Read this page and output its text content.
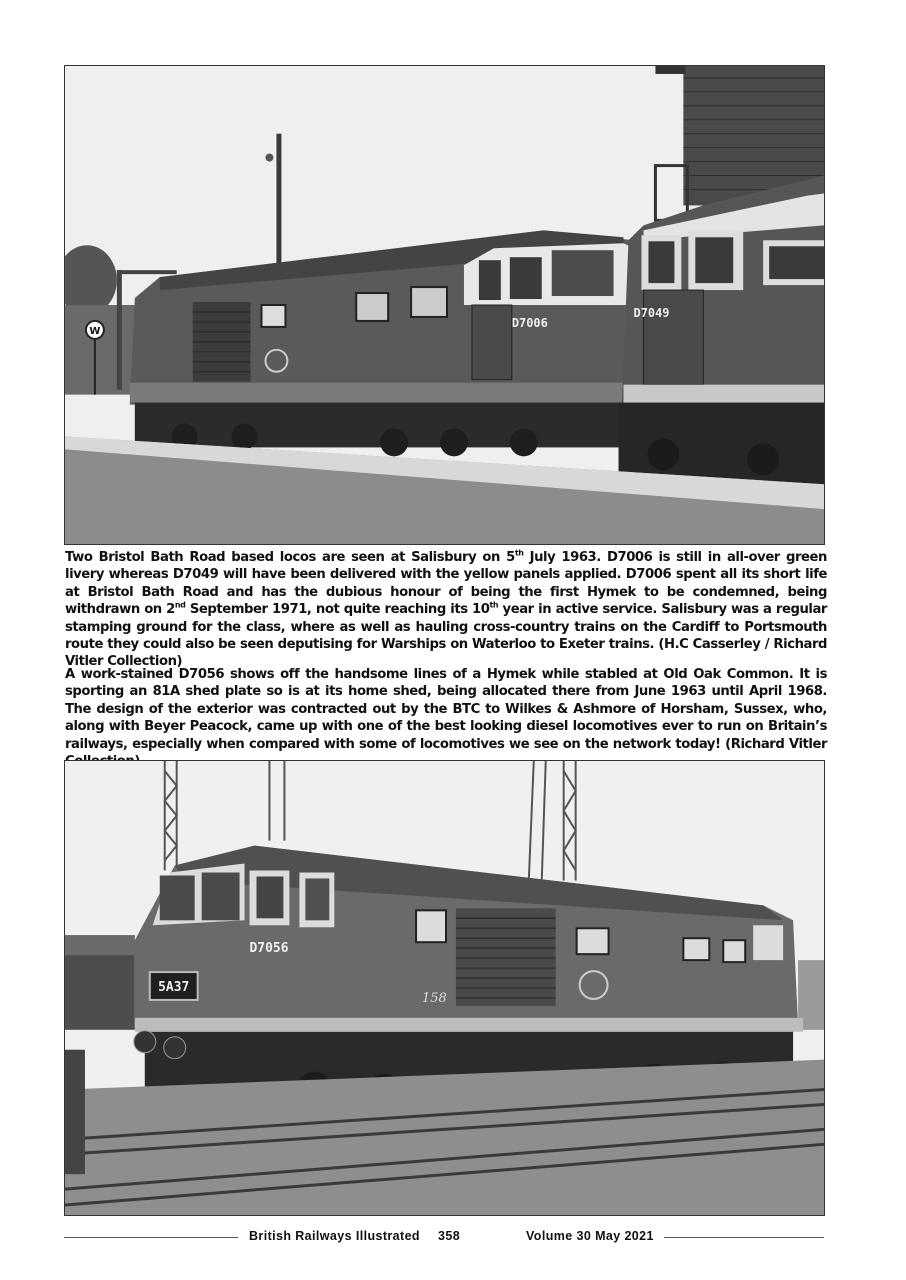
W
D7006
D7049

Two Bristol Bath Road based locos are seen at Salisbury on 5th July 1963. D7006 is still in all-over green livery whereas D7049 will have been delivered with the yellow panels applied. D7006 spent all its short life at Bristol Bath Road and has the dubious honour of being the first Hymek to be condemned, being withdrawn on 2nd September 1971, not quite reaching its 10th year in active service. Salisbury was a regular stamping ground for the class, where as well as hauling cross-country trains on the Cardiff to Portsmouth route they could also be seen deputising for Warships on Waterloo to Exeter trains. (H.C Casserley / Richard Vitler Collection)

A work-stained D7056 shows off the handsome lines of a Hymek while stabled at Old Oak Common. It is sporting an 81A shed plate so is at its home shed, being allocated there from June 1963 until April 1968. The design of the exterior was contracted out by the BTC to Wilkes & Ashmore of Horsham, Sussex, who, along with Beyer Peacock, came up with one of the best looking diesel locomotives ever to run on Britain’s railways, especially when compared with some of locomotives we see on the network today! (Richard Vitler

D7056
5A37
158
British Railways Illustrated 358	Volume 30 May 2021
